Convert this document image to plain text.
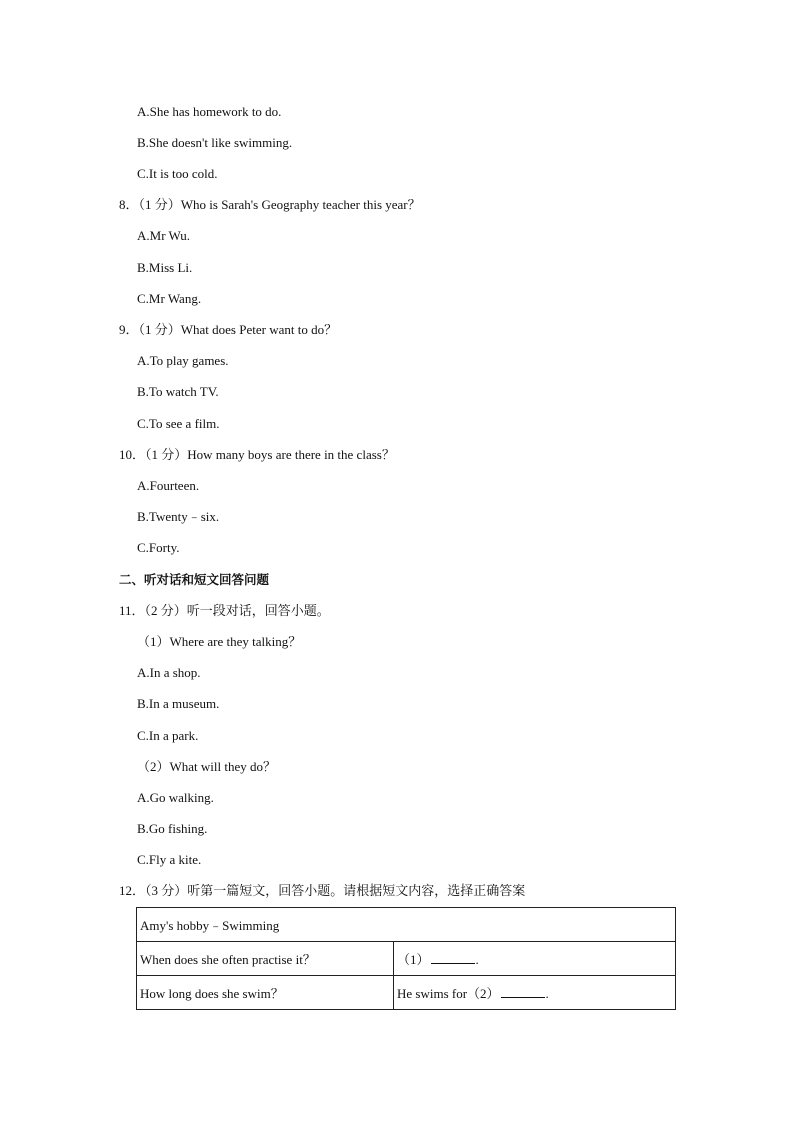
A.She has homework to do.
B.She doesn't like swimming.
C.It is too cold.
8．（1 分）Who is Sarah's Geography teacher this year？
A.Mr Wu.
B.Miss Li.
C.Mr Wang.
9．（1 分）What does Peter want to do？
A.To play games.
B.To watch TV.
C.To see a film.
10．（1 分）How many boys are there in the class？
A.Fourteen.
B.Twenty﹣six.
C.Forty.
二、听对话和短文回答问题
11．（2 分）听一段对话，回答小题。
（1）Where are they talking？
A.In a shop.
B.In a museum.
C.In a park.
（2）What will they do？
A.Go walking.
B.Go fishing.
C.Fly a kite.
12．（3 分）听第一篇短文，回答小题。请根据短文内容，选择正确答案
Amy's hobby﹣Swimming	
When does she often practise it？	（1） .
How long does she swim？	He swims for（2） .
